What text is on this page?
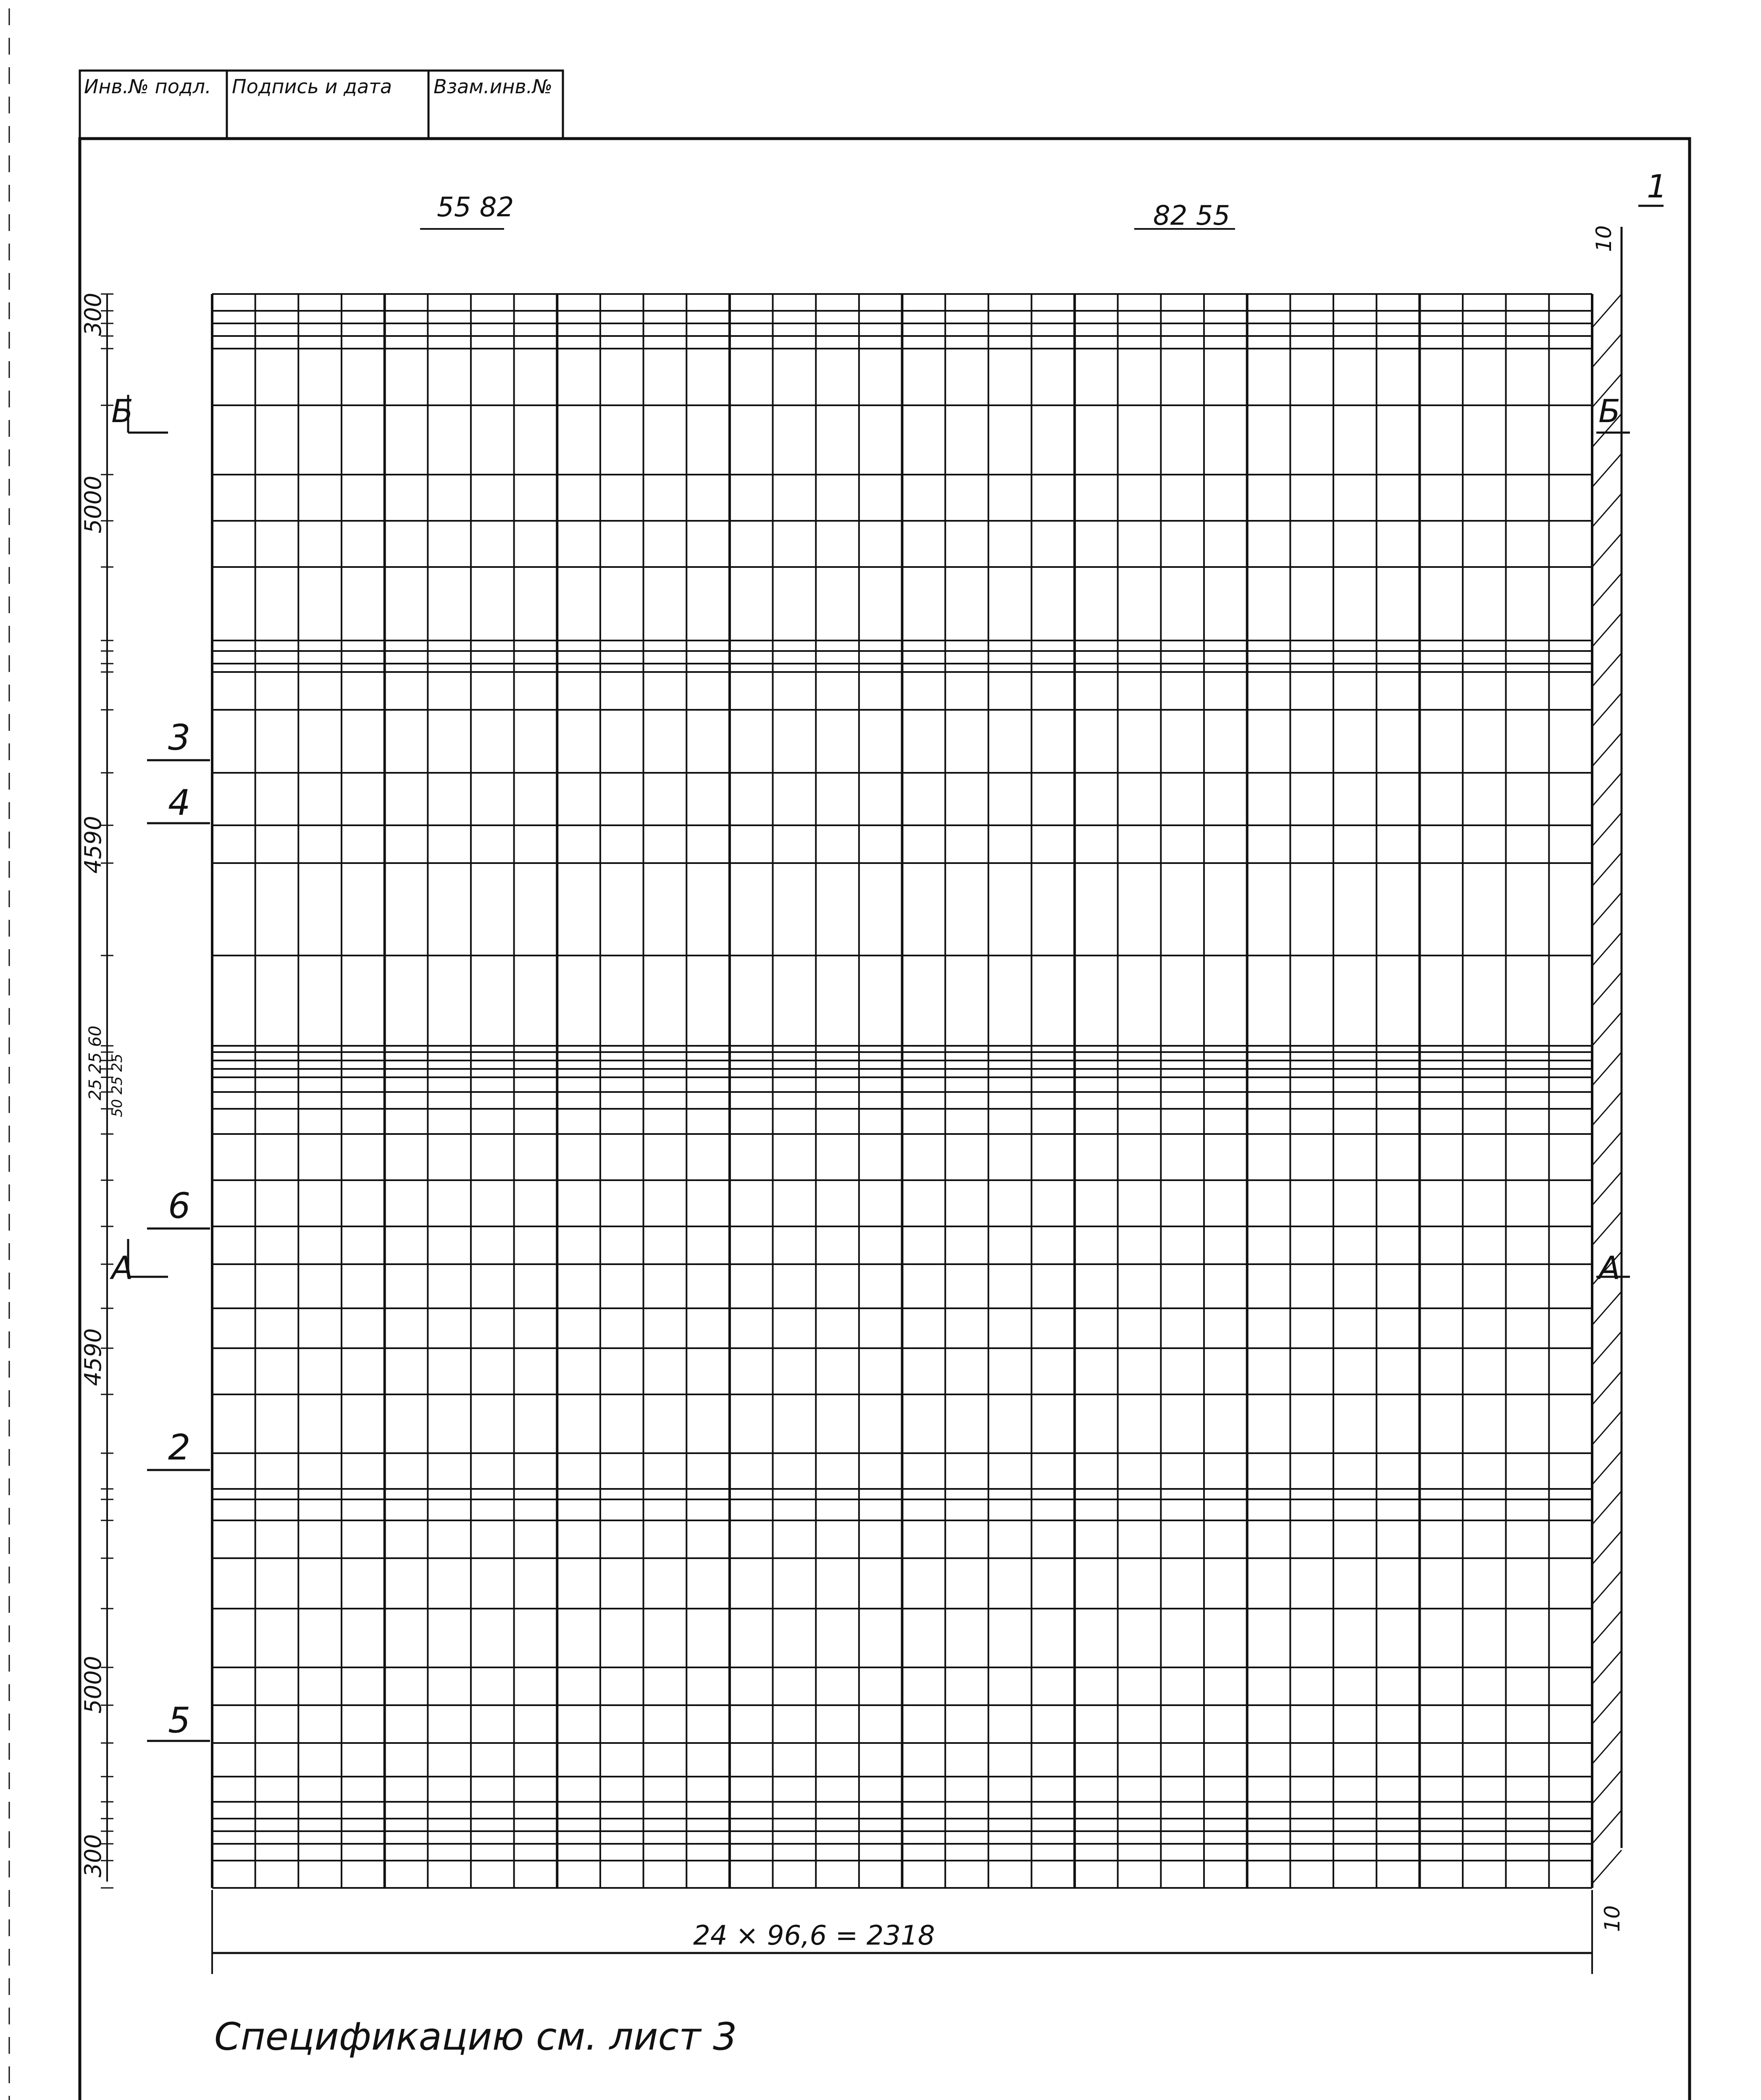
Инв.№ подл. Подпись и дата Взам.инв.№
55 82	82 55
10
300
5000
4590
25 25 60 50 25 25
4590
5000
300
Б	Б
А	А
1
3
4
6
2
5
24 × 96,6 = 2318
10
Спецификацию см. лист 3
